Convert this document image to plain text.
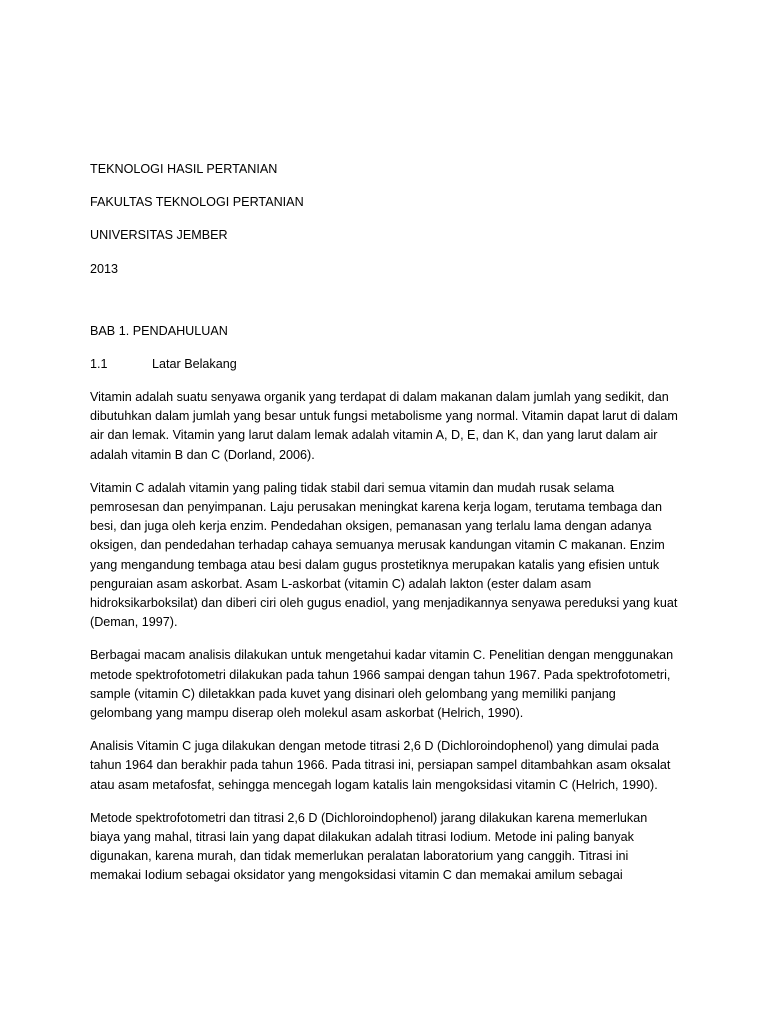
TEKNOLOGI HASIL PERTANIAN

FAKULTAS TEKNOLOGI PERTANIAN

UNIVERSITAS JEMBER

2013

BAB 1. PENDAHULUAN

1.1	Latar Belakang

Vitamin adalah suatu senyawa organik yang terdapat di dalam makanan dalam jumlah yang sedikit, dan dibutuhkan dalam jumlah yang besar untuk fungsi metabolisme yang normal. Vitamin dapat larut di dalam air dan lemak. Vitamin yang larut dalam lemak adalah vitamin A, D, E, dan K, dan yang larut dalam air adalah vitamin B dan C (Dorland, 2006).

Vitamin C adalah vitamin yang paling tidak stabil dari semua vitamin dan mudah rusak selama pemrosesan dan penyimpanan. Laju perusakan meningkat karena kerja logam, terutama tembaga dan besi, dan juga oleh kerja enzim. Pendedahan oksigen, pemanasan yang terlalu lama dengan adanya oksigen, dan pendedahan terhadap cahaya semuanya merusak kandungan vitamin C makanan. Enzim yang mengandung tembaga atau besi dalam gugus prostetiknya merupakan katalis yang efisien untuk penguraian asam askorbat. Asam L-askorbat (vitamin C) adalah lakton (ester dalam asam hidroksikarboksilat) dan diberi ciri oleh gugus enadiol, yang menjadikannya senyawa pereduksi yang kuat (Deman, 1997).

Berbagai macam analisis dilakukan untuk mengetahui kadar vitamin C. Penelitian dengan menggunakan metode spektrofotometri dilakukan pada tahun 1966 sampai dengan tahun 1967. Pada spektrofotometri, sample (vitamin C) diletakkan pada kuvet yang disinari oleh gelombang yang memiliki panjang gelombang yang mampu diserap oleh molekul asam askorbat (Helrich, 1990).

Analisis Vitamin C juga dilakukan dengan metode titrasi 2,6 D (Dichloroindophenol) yang dimulai pada tahun 1964 dan berakhir pada tahun 1966. Pada titrasi ini, persiapan sampel ditambahkan asam oksalat atau asam metafosfat, sehingga mencegah logam katalis lain mengoksidasi vitamin C (Helrich, 1990).

Metode spektrofotometri dan titrasi 2,6 D (Dichloroindophenol) jarang dilakukan karena memerlukan biaya yang mahal, titrasi lain yang dapat dilakukan adalah titrasi Iodium. Metode ini paling banyak digunakan, karena murah, dan tidak memerlukan peralatan laboratorium yang canggih. Titrasi ini memakai Iodium sebagai oksidator yang mengoksidasi vitamin C dan memakai amilum sebagai
